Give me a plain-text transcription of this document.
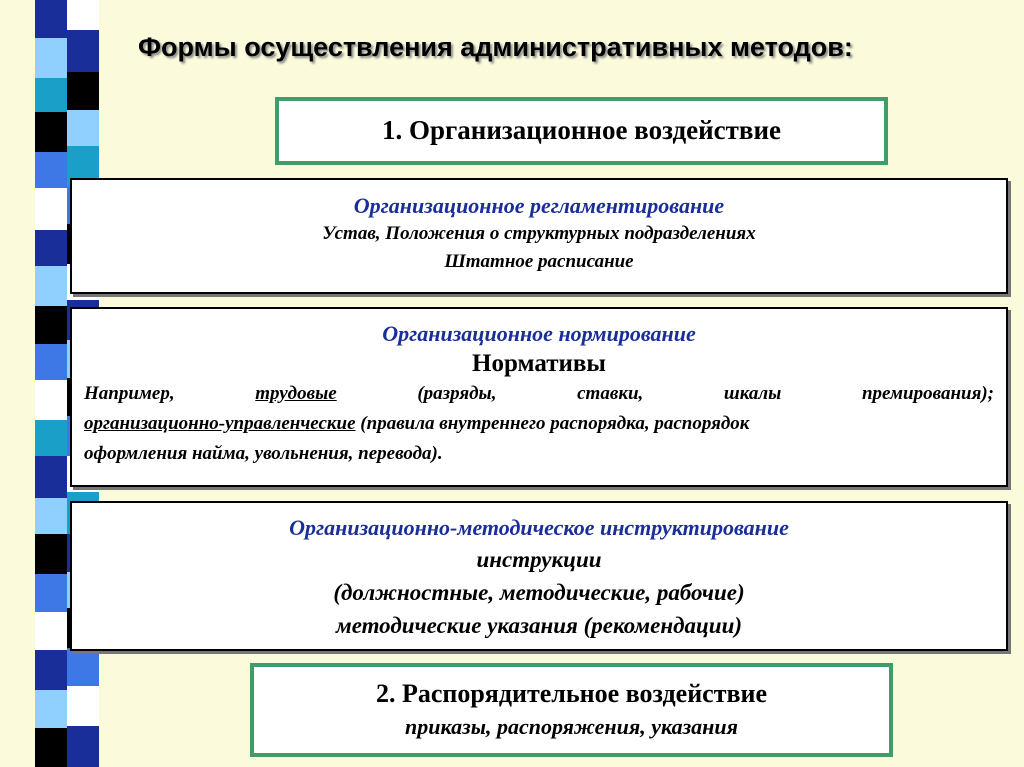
Формы осуществления административных методов:
1. Организационное воздействие
Организационное регламентирование
Устав, Положения о структурных подразделениях
Штатное расписание
Организационное нормирование
Нормативы
Например,	трудовые	(разряды,	ставки,	шкалы	премирования);
организационно-управленческие (правила внутреннего распорядка, распорядок
оформления найма, увольнения, перевода).
Организационно-методическое инструктирование
инструкции
(должностные, методические, рабочие)
методические указания (рекомендации)
2. Распорядительное воздействие
приказы, распоряжения, указания
